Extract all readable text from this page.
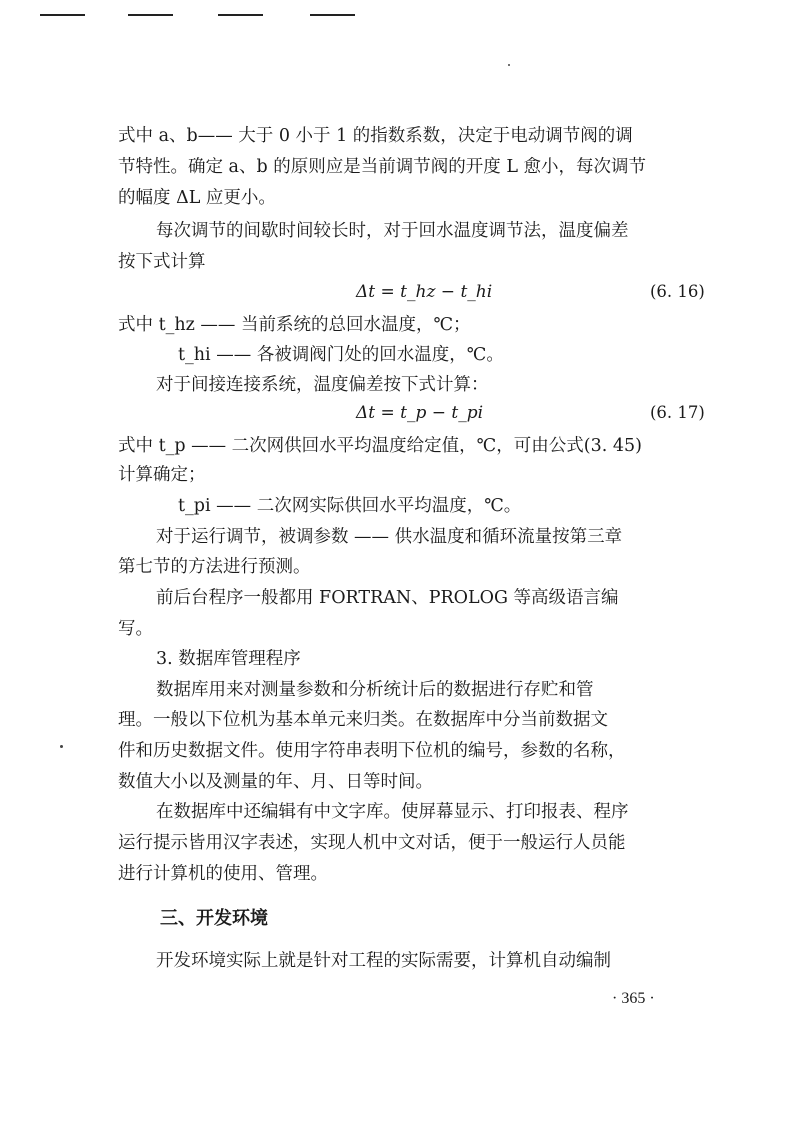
式中 a、b—— 大于 0 小于 1 的指数系数，决定于电动调节阀的调
节特性。确定 a、b 的原则应是当前调节阀的开度 L 愈小，每次调节
的幅度 ΔL 应更小。
每次调节的间歇时间较长时，对于回水温度调节法，温度偏差
按下式计算
Δt = t_hz − t_hi	(6. 16)
式中 t_hz —— 当前系统的总回水温度，℃；
t_hi —— 各被调阀门处的回水温度，℃。
对于间接连接系统，温度偏差按下式计算：
Δt = t_p − t_pi	(6. 17)
式中 t_p —— 二次网供回水平均温度给定值，℃，可由公式(3. 45)
计算确定；
t_pi —— 二次网实际供回水平均温度，℃。
对于运行调节，被调参数 —— 供水温度和循环流量按第三章
第七节的方法进行预测。
前后台程序一般都用 FORTRAN、PROLOG 等高级语言编
写。
3. 数据库管理程序
数据库用来对测量参数和分析统计后的数据进行存贮和管
理。一般以下位机为基本单元来归类。在数据库中分当前数据文
件和历史数据文件。使用字符串表明下位机的编号，参数的名称，
数值大小以及测量的年、月、日等时间。
在数据库中还编辑有中文字库。使屏幕显示、打印报表、程序
运行提示皆用汉字表述，实现人机中文对话，便于一般运行人员能
进行计算机的使用、管理。
三、开发环境
开发环境实际上就是针对工程的实际需要，计算机自动编制
· 365 ·
